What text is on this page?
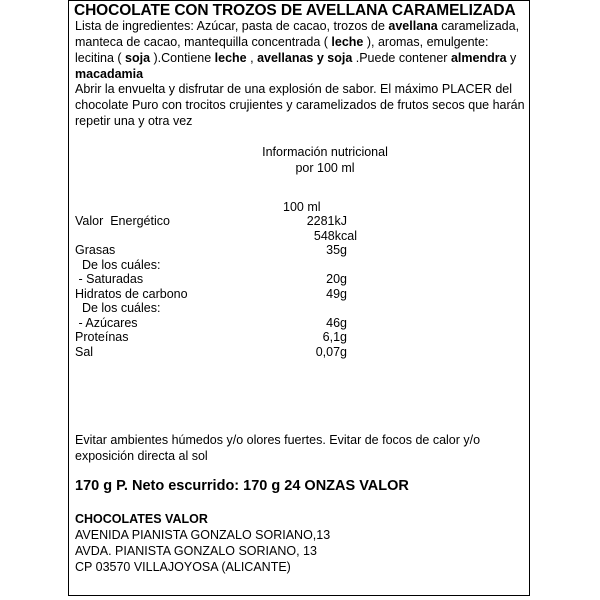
CHOCOLATE CON TROZOS DE AVELLANA CARAMELIZADA
Lista de ingredientes: Azúcar, pasta de cacao, trozos de avellana caramelizada, manteca de cacao, mantequilla concentrada ( leche ), aromas, emulgente: lecitina ( soja ).Contiene leche , avellanas y soja .Puede contener almendra y macadamia
Abrir la envuelta y disfrutar de una explosión de sabor. El máximo PLACER del chocolate Puro con trocitos crujientes y caramelizados de frutos secos que harán repetir una y otra vez
Información nutricional
por 100 ml
100 ml
Valor  Energético	2281kJ
548kcal
Grasas	35g
De los cuáles:
- Saturadas	20g
Hidratos de carbono	49g
De los cuáles:
- Azúcares	46g
Proteínas	6,1g
Sal	0,07g
Evitar ambientes húmedos y/o olores fuertes. Evitar de focos de calor y/o exposición directa al sol
170 g P. Neto escurrido: 170 g 24 ONZAS VALOR
CHOCOLATES VALOR
AVENIDA PIANISTA GONZALO SORIANO,13
AVDA. PIANISTA GONZALO SORIANO, 13
CP 03570 VILLAJOYOSA (ALICANTE)
